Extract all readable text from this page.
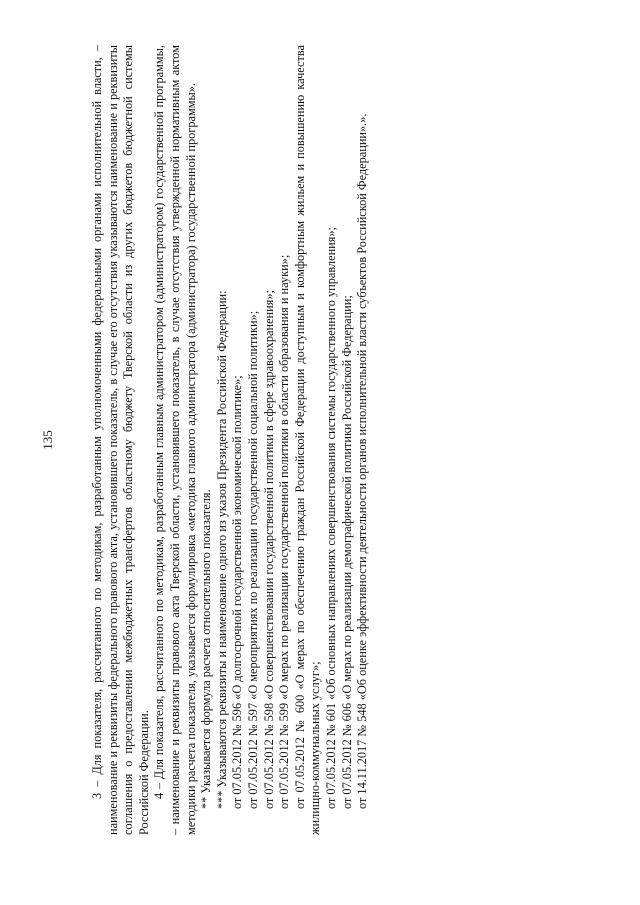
135	3 – Для показателя, рассчитанного по методикам, разработанным уполномоченными федеральными органами исполнительной власти, – наименование и реквизиты федерального правового акта, установившего показатель, в случае его отсутствия указываются наименование и реквизиты соглашения о предоставлении межбюджетных трансфертов областному бюджету Тверской области из других бюджетов бюджетной системы Российской Федерации. 4 – Для показателя, рассчитанного по методикам, разработанным главным администратором (администратором) государственной программы, – наименование и реквизиты правового акта Тверской области, установившего показатель, в случае отсутствия утвержденной нормативным актом методики расчета показателя, указывается формулировка «методика главного администратора (администратора) государственной программы». ** Указывается формула расчета относительного показателя. *** Указываются реквизиты и наименование одного из указов Президента Российской Федерации: от 07.05.2012 № 596 «О долгосрочной государственной экономической политике»; от 07.05.2012 № 597 «О мероприятиях по реализации государственной социальной политики»; от 07.05.2012 № 598 «О совершенствовании государственной политики в сфере здравоохранения»; от 07.05.2012 № 599 «О мерах по реализации государственной политики в области образования и науки»; от 07.05.2012 № 600 «О мерах по обеспечению граждан Российской Федерации доступным и комфортным жильем и повышению качества жилищно-коммунальных услуг»; от 07.05.2012 № 601 «Об основных направлениях совершенствования системы государственного управления»; от 07.05.2012 № 606 «О мерах по реализации демографической политики Российской Федерации; от 14.11.2017 № 548 «Об оценке эффективности деятельности органов исполнительной власти субъектов Российской Федерации».».
